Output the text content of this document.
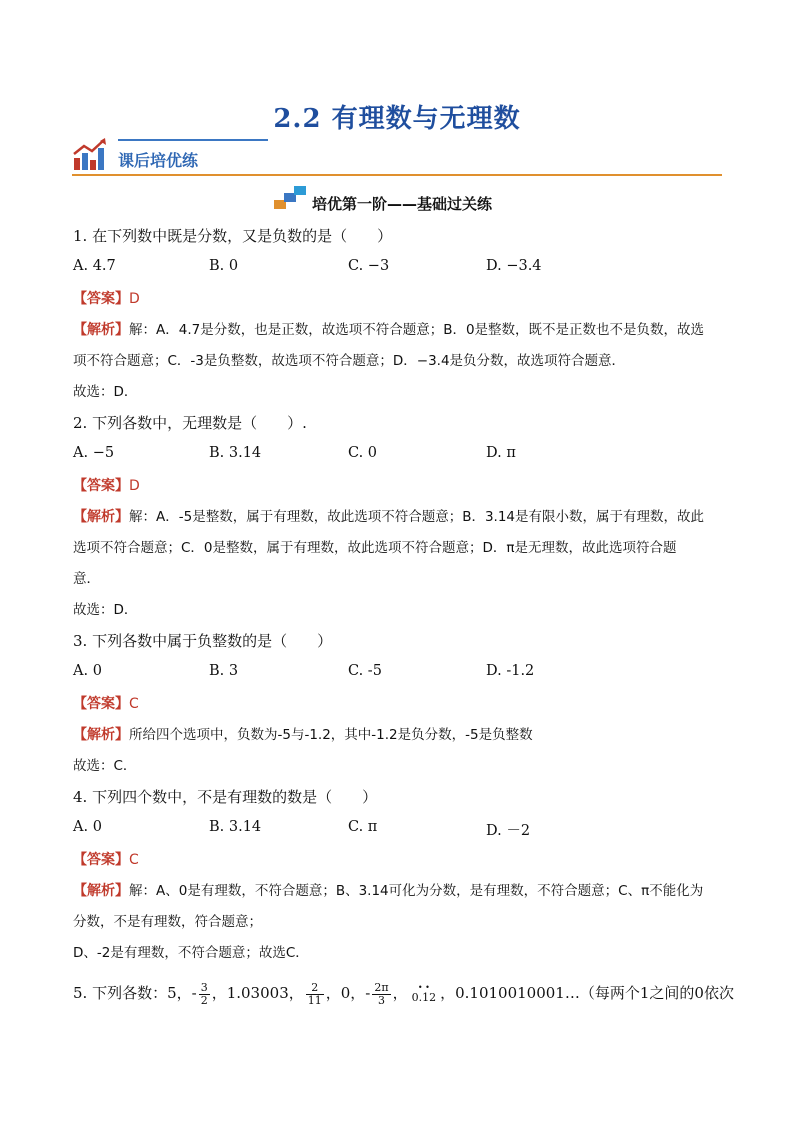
2.2 有理数与无理数
课后培优练
培优第一阶——基础过关练
1. 在下列数中既是分数，又是负数的是（　　）
A. 4.7	B. 0	C. −3	D. −3.4
【答案】D
【解析】解：A．4.7是分数，也是正数，故选项不符合题意；B．0是整数，既不是正数也不是负数，故选
项不符合题意；C．-3是负整数，故选项不符合题意；D．−3.4是负分数，故选项符合题意．
故选：D．
2. 下列各数中，无理数是（　　）.
A. −5	B. 3.14	C. 0	D. π
【答案】D
【解析】解：A．-5是整数，属于有理数，故此选项不符合题意；B．3.14是有限小数，属于有理数，故此
选项不符合题意；C．0是整数，属于有理数，故此选项不符合题意；D．π是无理数，故此选项符合题
意．
故选：D．
3. 下列各数中属于负整数的是（　　）
A. 0	B. 3	C. -5	D. -1.2
【答案】C
【解析】所给四个选项中，负数为-5与-1.2，其中-1.2是负分数，-5是负整数
故选：C．
4. 下列四个数中，不是有理数的数是（　　）
A. 0	B. 3.14	C. π	D. －2
【答案】C
【解析】解：A、0是有理数，不符合题意；B、3.14可化为分数，是有理数，不符合题意；C、π不能化为
分数，不是有理数，符合题意；
D、-2是有理数，不符合题意；故选C．
5. 下列各数：5，- $\frac{3}{2}$ ，1.03003， $\frac{2}{11}$ ，0，- $\frac{2\pi}{3}$ ，	• •
0.12 ，0.1010010001…（每两个1之间的0依次
